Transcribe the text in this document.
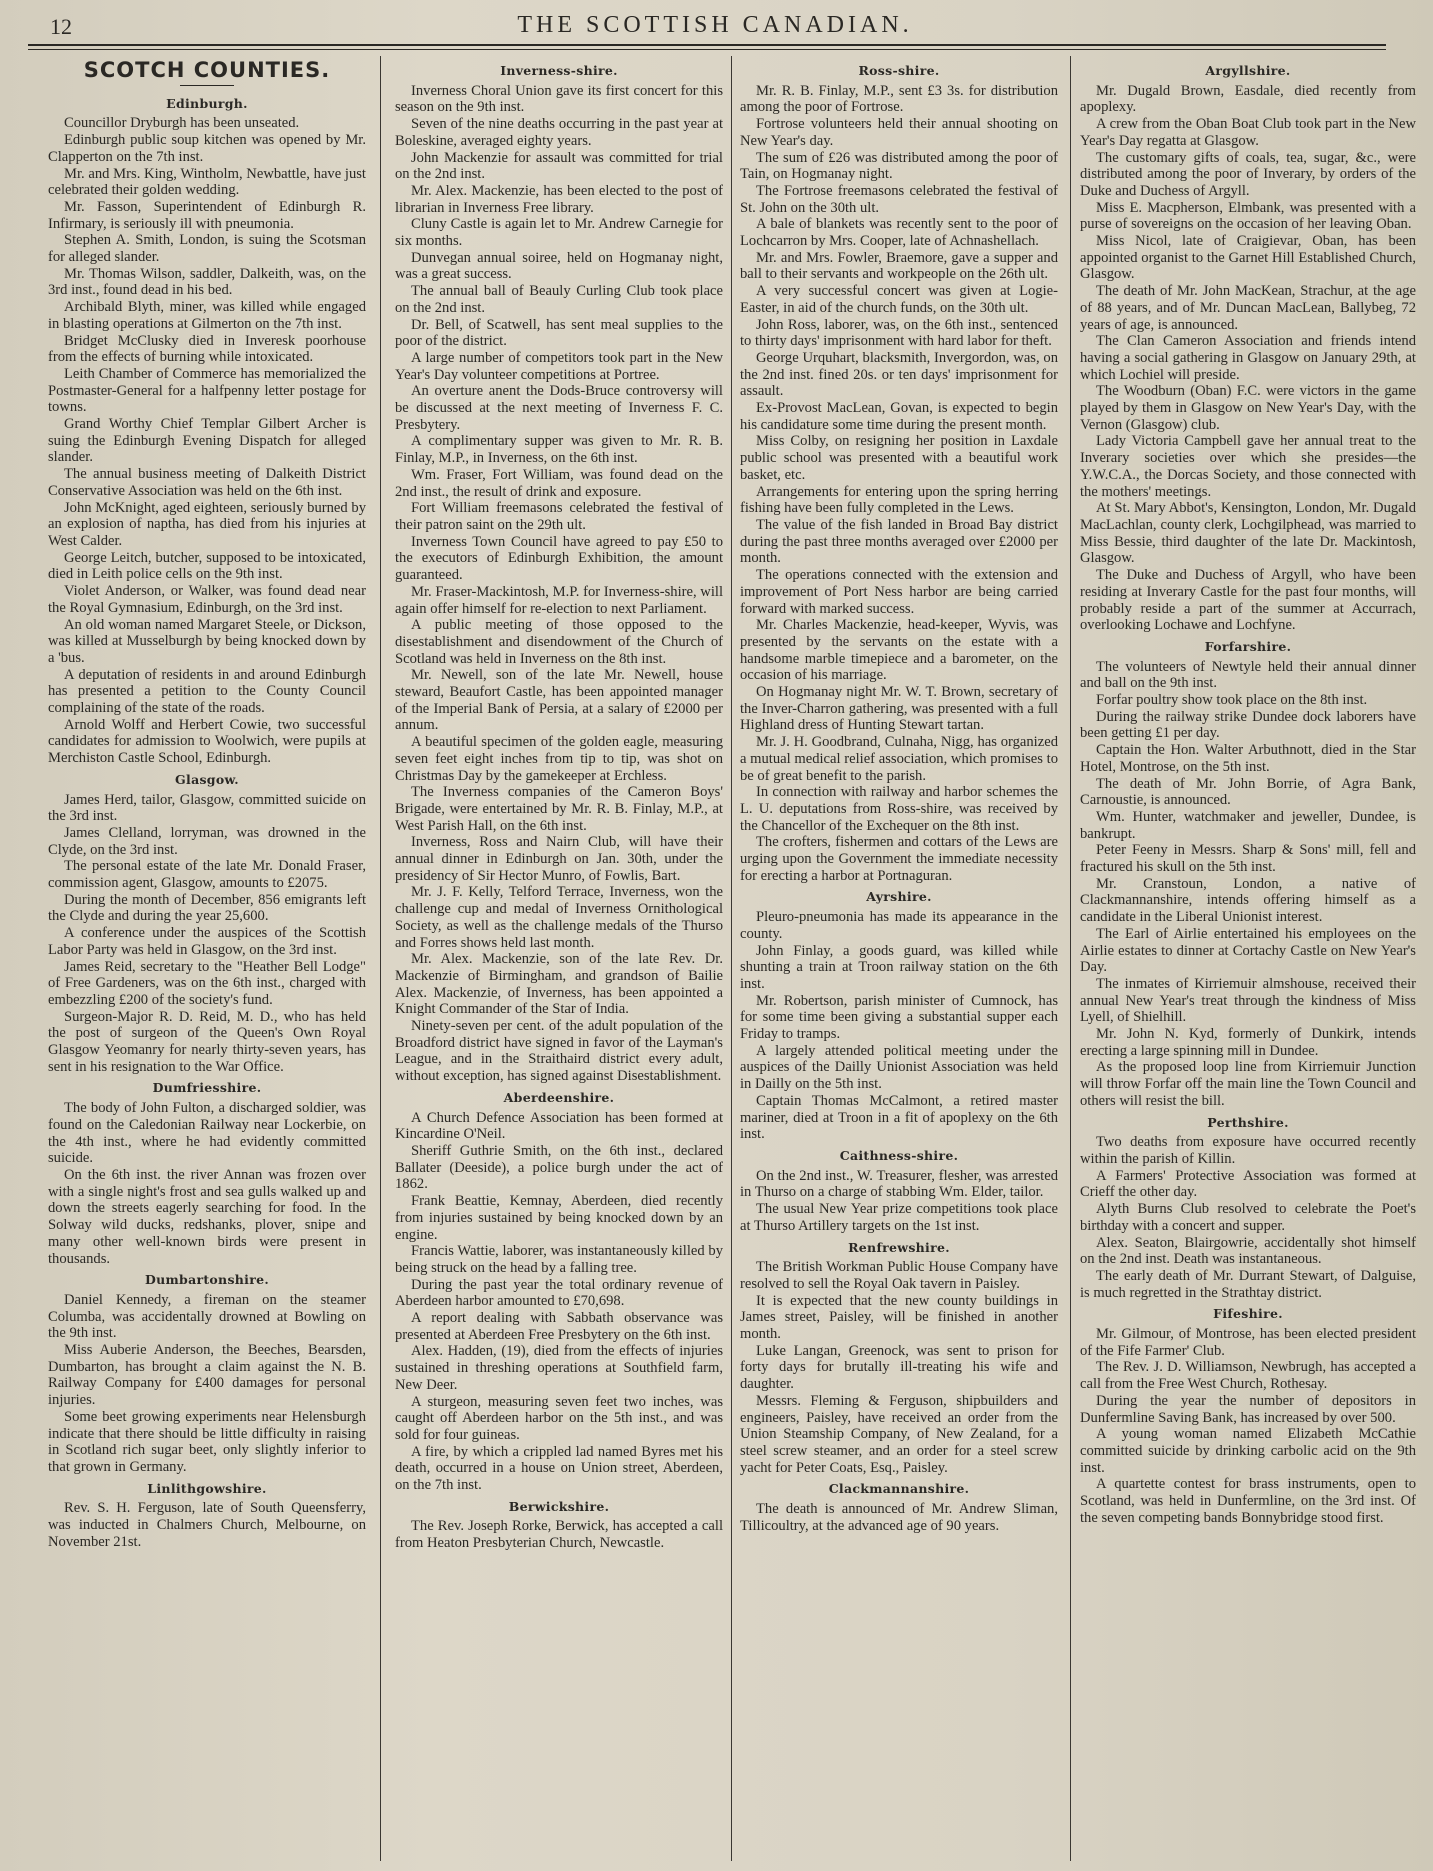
12	THE SCOTTISH CANADIAN.
SCOTCH COUNTIES.
Edinburgh.

Councillor Dryburgh has been unseated.

Edinburgh public soup kitchen was opened by Mr. Clapperton on the 7th inst.

Mr. and Mrs. King, Wintholm, Newbattle, have just celebrated their golden wedding.

Mr. Fasson, Superintendent of Edinburgh R. Infirmary, is seriously ill with pneumonia.

Stephen A. Smith, London, is suing the Scotsman for alleged slander.

Mr. Thomas Wilson, saddler, Dalkeith, was, on the 3rd inst., found dead in his bed.

Archibald Blyth, miner, was killed while engaged in blasting operations at Gilmerton on the 7th inst.

Bridget McClusky died in Inveresk poorhouse from the effects of burning while intoxicated.

Leith Chamber of Commerce has memorialized the Postmaster-General for a halfpenny letter postage for towns.

Grand Worthy Chief Templar Gilbert Archer is suing the Edinburgh Evening Dispatch for alleged slander.

The annual business meeting of Dalkeith District Conservative Association was held on the 6th inst.

John McKnight, aged eighteen, seriously burned by an explosion of naptha, has died from his injuries at West Calder.

George Leitch, butcher, supposed to be intoxicated, died in Leith police cells on the 9th inst.

Violet Anderson, or Walker, was found dead near the Royal Gymnasium, Edinburgh, on the 3rd inst.

An old woman named Margaret Steele, or Dickson, was killed at Musselburgh by being knocked down by a 'bus.

A deputation of residents in and around Edinburgh has presented a petition to the County Council complaining of the state of the roads.

Arnold Wolff and Herbert Cowie, two successful candidates for admission to Woolwich, were pupils at Merchiston Castle School, Edinburgh.

Glasgow.

James Herd, tailor, Glasgow, committed suicide on the 3rd inst.

James Clelland, lorryman, was drowned in the Clyde, on the 3rd inst.

The personal estate of the late Mr. Donald Fraser, commission agent, Glasgow, amounts to £2075.

During the month of December, 856 emigrants left the Clyde and during the year 25,600.

A conference under the auspices of the Scottish Labor Party was held in Glasgow, on the 3rd inst.

James Reid, secretary to the "Heather Bell Lodge" of Free Gardeners, was on the 6th inst., charged with embezzling £200 of the society's fund.

Surgeon-Major R. D. Reid, M. D., who has held the post of surgeon of the Queen's Own Royal Glasgow Yeomanry for nearly thirty-seven years, has sent in his resignation to the War Office.

Dumfriesshire.

The body of John Fulton, a discharged soldier, was found on the Caledonian Railway near Lockerbie, on the 4th inst., where he had evidently committed suicide.

On the 6th inst. the river Annan was frozen over with a single night's frost and sea gulls walked up and down the streets eagerly searching for food. In the Solway wild ducks, redshanks, plover, snipe and many other well-known birds were present in thousands.

Dumbartonshire.

Daniel Kennedy, a fireman on the steamer Columba, was accidentally drowned at Bowling on the 9th inst.

Miss Auberie Anderson, the Beeches, Bearsden, Dumbarton, has brought a claim against the N. B. Railway Company for £400 damages for personal injuries.

Some beet growing experiments near Helensburgh indicate that there should be little difficulty in raising in Scotland rich sugar beet, only slightly inferior to that grown in Germany.

Linlithgowshire.

Rev. S. H. Ferguson, late of South Queensferry, was inducted in Chalmers Church, Melbourne, on November 21st.

Inverness-shire.

Inverness Choral Union gave its first concert for this season on the 9th inst.

Seven of the nine deaths occurring in the past year at Boleskine, averaged eighty years.

John Mackenzie for assault was committed for trial on the 2nd inst.

Mr. Alex. Mackenzie, has been elected to the post of librarian in Inverness Free library.

Cluny Castle is again let to Mr. Andrew Carnegie for six months.

Dunvegan annual soiree, held on Hogmanay night, was a great success.

The annual ball of Beauly Curling Club took place on the 2nd inst.

Dr. Bell, of Scatwell, has sent meal supplies to the poor of the district.

A large number of competitors took part in the New Year's Day volunteer competitions at Portree.

An overture anent the Dods-Bruce controversy will be discussed at the next meeting of Inverness F. C. Presbytery.

A complimentary supper was given to Mr. R. B. Finlay, M.P., in Inverness, on the 6th inst.

Wm. Fraser, Fort William, was found dead on the 2nd inst., the result of drink and exposure.

Fort William freemasons celebrated the festival of their patron saint on the 29th ult.

Inverness Town Council have agreed to pay £50 to the executors of Edinburgh Exhibition, the amount guaranteed.

Mr. Fraser-Mackintosh, M.P. for Inverness-shire, will again offer himself for re-election to next Parliament.

A public meeting of those opposed to the disestablishment and disendowment of the Church of Scotland was held in Inverness on the 8th inst.

Mr. Newell, son of the late Mr. Newell, house steward, Beaufort Castle, has been appointed manager of the Imperial Bank of Persia, at a salary of £2000 per annum.

A beautiful specimen of the golden eagle, measuring seven feet eight inches from tip to tip, was shot on Christmas Day by the gamekeeper at Erchless.

The Inverness companies of the Cameron Boys' Brigade, were entertained by Mr. R. B. Finlay, M.P., at West Parish Hall, on the 6th inst.

Inverness, Ross and Nairn Club, will have their annual dinner in Edinburgh on Jan. 30th, under the presidency of Sir Hector Munro, of Fowlis, Bart.

Mr. J. F. Kelly, Telford Terrace, Inverness, won the challenge cup and medal of Inverness Ornithological Society, as well as the challenge medals of the Thurso and Forres shows held last month.

Mr. Alex. Mackenzie, son of the late Rev. Dr. Mackenzie of Birmingham, and grandson of Bailie Alex. Mackenzie, of Inverness, has been appointed a Knight Commander of the Star of India.

Ninety-seven per cent. of the adult population of the Broadford district have signed in favor of the Layman's League, and in the Straithaird district every adult, without exception, has signed against Disestablishment.

Aberdeenshire.

A Church Defence Association has been formed at Kincardine O'Neil.

Sheriff Guthrie Smith, on the 6th inst., declared Ballater (Deeside), a police burgh under the act of 1862.

Frank Beattie, Kemnay, Aberdeen, died recently from injuries sustained by being knocked down by an engine.

Francis Wattie, laborer, was instantaneously killed by being struck on the head by a falling tree.

During the past year the total ordinary revenue of Aberdeen harbor amounted to £70,698.

A report dealing with Sabbath observance was presented at Aberdeen Free Presbytery on the 6th inst.

Alex. Hadden, (19), died from the effects of injuries sustained in threshing operations at Southfield farm, New Deer.

A sturgeon, measuring seven feet two inches, was caught off Aberdeen harbor on the 5th inst., and was sold for four guineas.

A fire, by which a crippled lad named Byres met his death, occurred in a house on Union street, Aberdeen, on the 7th inst.

Berwickshire.

The Rev. Joseph Rorke, Berwick, has accepted a call from Heaton Presbyterian Church, Newcastle.

Ross-shire.

Mr. R. B. Finlay, M.P., sent £3 3s. for distribution among the poor of Fortrose.

Fortrose volunteers held their annual shooting on New Year's day.

The sum of £26 was distributed among the poor of Tain, on Hogmanay night.

The Fortrose freemasons celebrated the festival of St. John on the 30th ult.

A bale of blankets was recently sent to the poor of Lochcarron by Mrs. Cooper, late of Achnashellach.

Mr. and Mrs. Fowler, Braemore, gave a supper and ball to their servants and workpeople on the 26th ult.

A very successful concert was given at Logie-Easter, in aid of the church funds, on the 30th ult.

John Ross, laborer, was, on the 6th inst., sentenced to thirty days' imprisonment with hard labor for theft.

George Urquhart, blacksmith, Invergordon, was, on the 2nd inst. fined 20s. or ten days' imprisonment for assault.

Ex-Provost MacLean, Govan, is expected to begin his candidature some time during the present month.

Miss Colby, on resigning her position in Laxdale public school was presented with a beautiful work basket, etc.

Arrangements for entering upon the spring herring fishing have been fully completed in the Lews.

The value of the fish landed in Broad Bay district during the past three months averaged over £2000 per month.

The operations connected with the extension and improvement of Port Ness harbor are being carried forward with marked success.

Mr. Charles Mackenzie, head-keeper, Wyvis, was presented by the servants on the estate with a handsome marble timepiece and a barometer, on the occasion of his marriage.

On Hogmanay night Mr. W. T. Brown, secretary of the Inver-Charron gathering, was presented with a full Highland dress of Hunting Stewart tartan.

Mr. J. H. Goodbrand, Culnaha, Nigg, has organized a mutual medical relief association, which promises to be of great benefit to the parish.

In connection with railway and harbor schemes the L. U. deputations from Ross-shire, was received by the Chancellor of the Exchequer on the 8th inst.

The crofters, fishermen and cottars of the Lews are urging upon the Government the immediate necessity for erecting a harbor at Portnaguran.

Ayrshire.

Pleuro-pneumonia has made its appearance in the county.

John Finlay, a goods guard, was killed while shunting a train at Troon railway station on the 6th inst.

Mr. Robertson, parish minister of Cumnock, has for some time been giving a substantial supper each Friday to tramps.

A largely attended political meeting under the auspices of the Dailly Unionist Association was held in Dailly on the 5th inst.

Captain Thomas McCalmont, a retired master mariner, died at Troon in a fit of apoplexy on the 6th inst.

Caithness-shire.

On the 2nd inst., W. Treasurer, flesher, was arrested in Thurso on a charge of stabbing Wm. Elder, tailor.

The usual New Year prize competitions took place at Thurso Artillery targets on the 1st inst.

Renfrewshire.

The British Workman Public House Company have resolved to sell the Royal Oak tavern in Paisley.

It is expected that the new county buildings in James street, Paisley, will be finished in another month.

Luke Langan, Greenock, was sent to prison for forty days for brutally ill-treating his wife and daughter.

Messrs. Fleming & Ferguson, shipbuilders and engineers, Paisley, have received an order from the Union Steamship Company, of New Zealand, for a steel screw steamer, and an order for a steel screw yacht for Peter Coats, Esq., Paisley.

Clackmannanshire.

The death is announced of Mr. Andrew Sliman, Tillicoultry, at the advanced age of 90 years.

Argyllshire.

Mr. Dugald Brown, Easdale, died recently from apoplexy.

A crew from the Oban Boat Club took part in the New Year's Day regatta at Glasgow.

The customary gifts of coals, tea, sugar, &c., were distributed among the poor of Inverary, by orders of the Duke and Duchess of Argyll.

Miss E. Macpherson, Elmbank, was presented with a purse of sovereigns on the occasion of her leaving Oban.

Miss Nicol, late of Craigievar, Oban, has been appointed organist to the Garnet Hill Established Church, Glasgow.

The death of Mr. John MacKean, Strachur, at the age of 88 years, and of Mr. Duncan MacLean, Ballybeg, 72 years of age, is announced.

The Clan Cameron Association and friends intend having a social gathering in Glasgow on January 29th, at which Lochiel will preside.

The Woodburn (Oban) F.C. were victors in the game played by them in Glasgow on New Year's Day, with the Vernon (Glasgow) club.

Lady Victoria Campbell gave her annual treat to the Inverary societies over which she presides—the Y.W.C.A., the Dorcas Society, and those connected with the mothers' meetings.

At St. Mary Abbot's, Kensington, London, Mr. Dugald MacLachlan, county clerk, Lochgilphead, was married to Miss Bessie, third daughter of the late Dr. Mackintosh, Glasgow.

The Duke and Duchess of Argyll, who have been residing at Inverary Castle for the past four months, will probably reside a part of the summer at Accurrach, overlooking Lochawe and Lochfyne.

Forfarshire.

The volunteers of Newtyle held their annual dinner and ball on the 9th inst.

Forfar poultry show took place on the 8th inst.

During the railway strike Dundee dock laborers have been getting £1 per day.

Captain the Hon. Walter Arbuthnott, died in the Star Hotel, Montrose, on the 5th inst.

The death of Mr. John Borrie, of Agra Bank, Carnoustie, is announced.

Wm. Hunter, watchmaker and jeweller, Dundee, is bankrupt.

Peter Feeny in Messrs. Sharp & Sons' mill, fell and fractured his skull on the 5th inst.

Mr. Cranstoun, London, a native of Clackmannanshire, intends offering himself as a candidate in the Liberal Unionist interest.

The Earl of Airlie entertained his employees on the Airlie estates to dinner at Cortachy Castle on New Year's Day.

The inmates of Kirriemuir almshouse, received their annual New Year's treat through the kindness of Miss Lyell, of Shielhill.

Mr. John N. Kyd, formerly of Dunkirk, intends erecting a large spinning mill in Dundee.

As the proposed loop line from Kirriemuir Junction will throw Forfar off the main line the Town Council and others will resist the bill.

Perthshire.

Two deaths from exposure have occurred recently within the parish of Killin.

A Farmers' Protective Association was formed at Crieff the other day.

Alyth Burns Club resolved to celebrate the Poet's birthday with a concert and supper.

Alex. Seaton, Blairgowrie, accidentally shot himself on the 2nd inst. Death was instantaneous.

The early death of Mr. Durrant Stewart, of Dalguise, is much regretted in the Strathtay district.

Fifeshire.

Mr. Gilmour, of Montrose, has been elected president of the Fife Farmer' Club.

The Rev. J. D. Williamson, Newbrugh, has accepted a call from the Free West Church, Rothesay.

During the year the number of depositors in Dunfermline Saving Bank, has increased by over 500.

A young woman named Elizabeth McCathie committed suicide by drinking carbolic acid on the 9th inst.

A quartette contest for brass instruments, open to Scotland, was held in Dunfermline, on the 3rd inst. Of the seven competing bands Bonnybridge stood first.
